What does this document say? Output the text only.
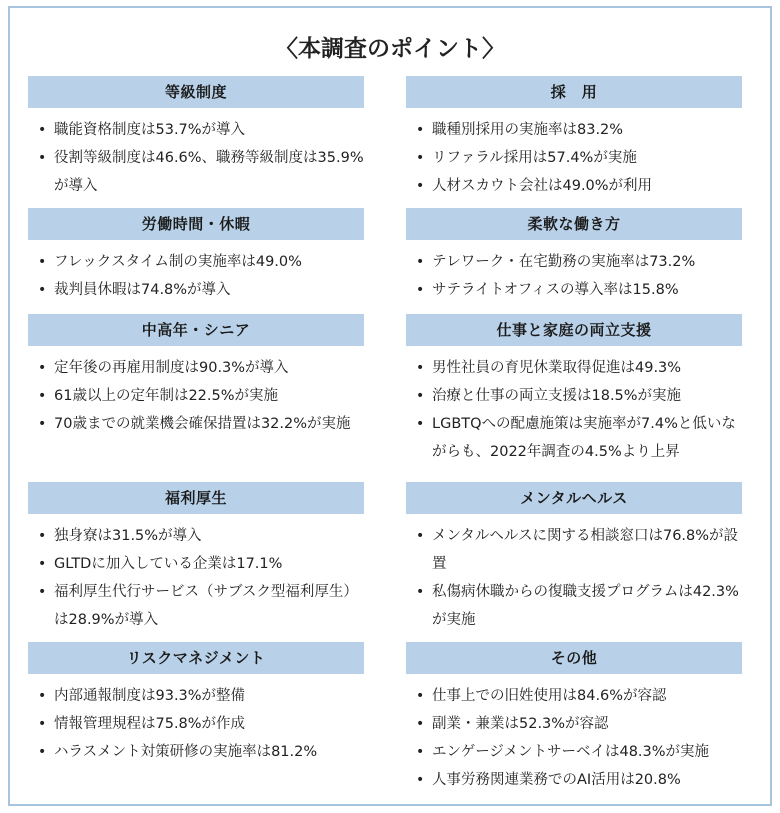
〈本調査のポイント〉
等級制度
• 職能資格制度は53.7%が導入
• 役割等級制度は46.6%、職務等級制度は35.9%が導入
労働時間・休暇
• フレックスタイム制の実施率は49.0%
• 裁判員休暇は74.8%が導入
中高年・シニア
• 定年後の再雇用制度は90.3%が導入
• 61歳以上の定年制は22.5%が実施
• 70歳までの就業機会確保措置は32.2%が実施
福利厚生
• 独身寮は31.5%が導入
• GLTDに加入している企業は17.1%
• 福利厚生代行サービス（サブスク型福利厚生）は28.9%が導入
リスクマネジメント
• 内部通報制度は93.3%が整備
• 情報管理規程は75.8%が作成
• ハラスメント対策研修の実施率は81.2%
採　用
• 職種別採用の実施率は83.2%
• リファラル採用は57.4%が実施
• 人材スカウト会社は49.0%が利用
柔軟な働き方
• テレワーク・在宅勤務の実施率は73.2%
• サテライトオフィスの導入率は15.8%
仕事と家庭の両立支援
• 男性社員の育児休業取得促進は49.3%
• 治療と仕事の両立支援は18.5%が実施
• LGBTQへの配慮施策は実施率が7.4%と低いながらも、2022年調査の4.5%より上昇
メンタルヘルス
• メンタルヘルスに関する相談窓口は76.8%が設置
• 私傷病休職からの復職支援プログラムは42.3%が実施
その他
• 仕事上での旧姓使用は84.6%が容認
• 副業・兼業は52.3%が容認
• エンゲージメントサーベイは48.3%が実施
• 人事労務関連業務でのAI活用は20.8%
